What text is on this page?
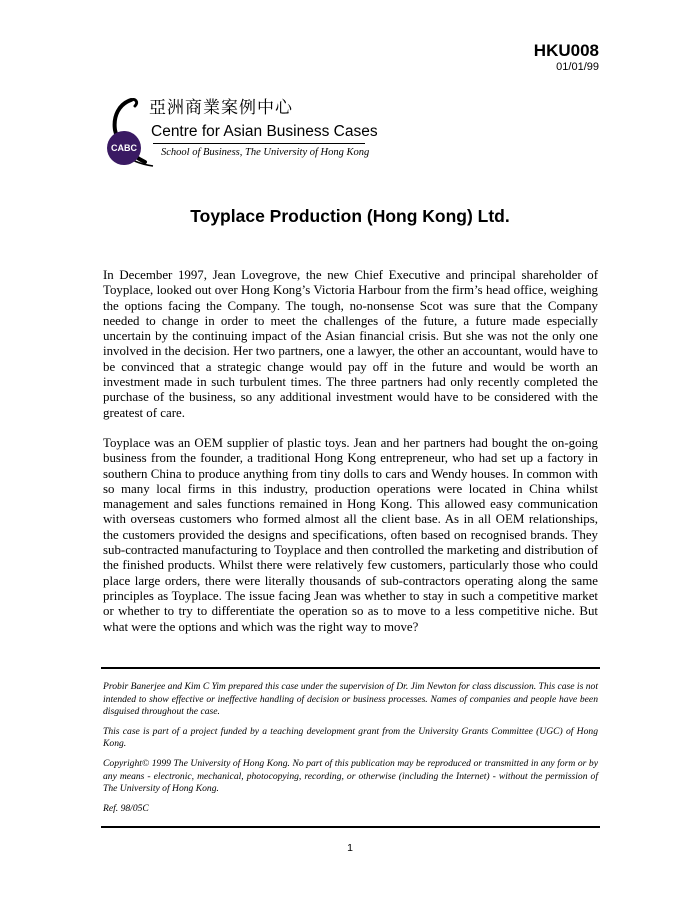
HKU008
01/01/99
CABC
亞洲商業案例中心
Centre for Asian Business Cases
School of Business, The University of Hong Kong
Toyplace Production (Hong Kong) Ltd.

In December 1997, Jean Lovegrove, the new Chief Executive and principal shareholder of Toyplace, looked out over Hong Kong’s Victoria Harbour from the firm’s head office, weighing the options facing the Company. The tough, no-nonsense Scot was sure that the Company needed to change in order to meet the challenges of the future, a future made especially uncertain by the continuing impact of the Asian financial crisis. But she was not the only one involved in the decision. Her two partners, one a lawyer, the other an accountant, would have to be convinced that a strategic change would pay off in the future and would be worth an investment made in such turbulent times. The three partners had only recently completed the purchase of the business, so any additional investment would have to be considered with the greatest of care.

Toyplace was an OEM supplier of plastic toys. Jean and her partners had bought the on-going business from the founder, a traditional Hong Kong entrepreneur, who had set up a factory in southern China to produce anything from tiny dolls to cars and Wendy houses. In common with so many local firms in this industry, production operations were located in China whilst management and sales functions remained in Hong Kong. This allowed easy communication with overseas customers who formed almost all the client base. As in all OEM relationships, the customers provided the designs and specifications, often based on recognised brands. They sub-contracted manufacturing to Toyplace and then controlled the marketing and distribution of the finished products. Whilst there were relatively few customers, particularly those who could place large orders, there were literally thousands of sub-contractors operating along the same principles as Toyplace. The issue facing Jean was whether to stay in such a competitive market or whether to try to differentiate the operation so as to move to a less competitive niche. But what were the options and which was the right way to move?

Probir Banerjee and Kim C Yim prepared this case under the supervision of Dr. Jim Newton for class discussion. This case is not intended to show effective or ineffective handling of decision or business processes. Names of companies and people have been disguised throughout the case.

This case is part of a project funded by a teaching development grant from the University Grants Committee (UGC) of Hong Kong.

Copyright© 1999 The University of Hong Kong. No part of this publication may be reproduced or transmitted in any form or by any means - electronic, mechanical, photocopying, recording, or otherwise (including the Internet) - without the permission of The University of Hong Kong.

Ref. 98/05C

1
